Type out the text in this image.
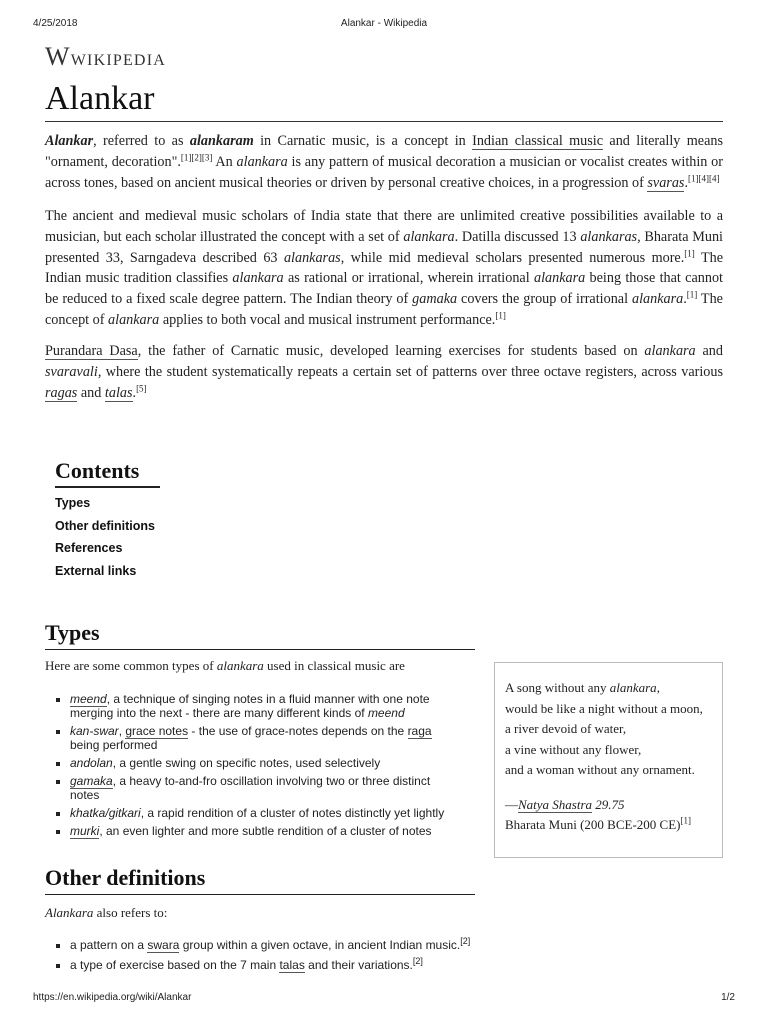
4/25/2018	Alankar - Wikipedia
Wwikipedia
Alankar

Alankar, referred to as alankaram in Carnatic music, is a concept in Indian classical music and literally means "ornament, decoration".[1][2][3] An alankara is any pattern of musical decoration a musician or vocalist creates within or across tones, based on ancient musical theories or driven by personal creative choices, in a progression of svaras.[1][4][4]

The ancient and medieval music scholars of India state that there are unlimited creative possibilities available to a musician, but each scholar illustrated the concept with a set of alankara. Datilla discussed 13 alankaras, Bharata Muni presented 33, Sarngadeva described 63 alankaras, while mid medieval scholars presented numerous more.[1] The Indian music tradition classifies alankara as rational or irrational, wherein irrational alankara being those that cannot be reduced to a fixed scale degree pattern. The Indian theory of gamaka covers the group of irrational alankara.[1] The concept of alankara applies to both vocal and musical instrument performance.[1]

Purandara Dasa, the father of Carnatic music, developed learning exercises for students based on alankara and svaravali, where the student systematically repeats a certain set of patterns over three octave registers, across various ragas and talas.[5]

Contents
Types
Other definitions
References
External links
Types
Here are some common types of alankara used in classical music are
meend, a technique of singing notes in a fluid manner with one note merging into the next - there are many different kinds of meend
kan-swar, grace notes - the use of grace-notes depends on the raga being performed
andolan, a gentle swing on specific notes, used selectively
gamaka, a heavy to-and-fro oscillation involving two or three distinct notes
khatka/gitkari, a rapid rendition of a cluster of notes distinctly yet lightly
murki, an even lighter and more subtle rendition of a cluster of notes
A song without any alankara,
would be like a night without a moon,
a river devoid of water,
a vine without any flower,
and a woman without any ornament.
—Natya Shastra 29.75
Bharata Muni (200 BCE-200 CE)[1]
Other definitions
Alankara also refers to:
a pattern on a swara group within a given octave, in ancient Indian music.[2]
a type of exercise based on the 7 main talas and their variations.[2]
https://en.wikipedia.org/wiki/Alankar	1/2
